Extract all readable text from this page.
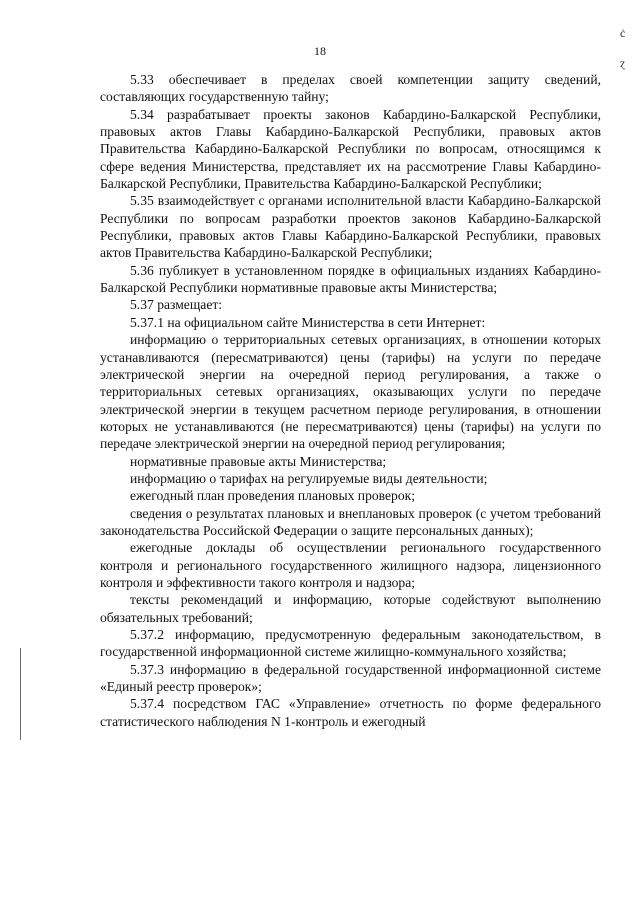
18
ċ
ɀ

5.33 обеспечивает в пределах своей компетенции защиту сведений, составляющих государственную тайну;

5.34 разрабатывает проекты законов Кабардино-Балкарской Республики, правовых актов Главы Кабардино-Балкарской Республики, правовых актов Правительства Кабардино-Балкарской Республики по вопросам, относящимся к сфере ведения Министерства, представляет их на рассмотрение Главы Кабардино-Балкарской Республики, Правительства Кабардино-Балкарской Республики;

5.35 взаимодействует с органами исполнительной власти Кабардино-Балкарской Республики по вопросам разработки проектов законов Кабардино-Балкарской Республики, правовых актов Главы Кабардино-Балкарской Республики, правовых актов Правительства Кабардино-Балкарской Республики;

5.36 публикует в установленном порядке в официальных изданиях Кабардино-Балкарской Республики нормативные правовые акты Министерства;

5.37 размещает:

5.37.1 на официальном сайте Министерства в сети Интернет:

информацию о территориальных сетевых организациях, в отношении которых устанавливаются (пересматриваются) цены (тарифы) на услуги по передаче электрической энергии на очередной период регулирования, а также о территориальных сетевых организациях, оказывающих услуги по передаче электрической энергии в текущем расчетном периоде регулирования, в отношении которых не устанавливаются (не пересматриваются) цены (тарифы) на услуги по передаче электрической энергии на очередной период регулирования;

нормативные правовые акты Министерства;

информацию о тарифах на регулируемые виды деятельности;

ежегодный план проведения плановых проверок;

сведения о результатах плановых и внеплановых проверок (с учетом требований законодательства Российской Федерации о защите персональных данных);

ежегодные доклады об осуществлении регионального государственного контроля и регионального государственного жилищного надзора, лицензионного контроля и эффективности такого контроля и надзора;

тексты рекомендаций и информацию, которые содействуют выполнению обязательных требований;

5.37.2 информацию, предусмотренную федеральным законодательством, в государственной информационной системе жилищно-коммунального хозяйства;

5.37.3 информацию в федеральной государственной информационной системе «Единый реестр проверок»;

5.37.4 посредством ГАС «Управление» отчетность по форме федерального статистического наблюдения N 1-контроль и ежегодный
